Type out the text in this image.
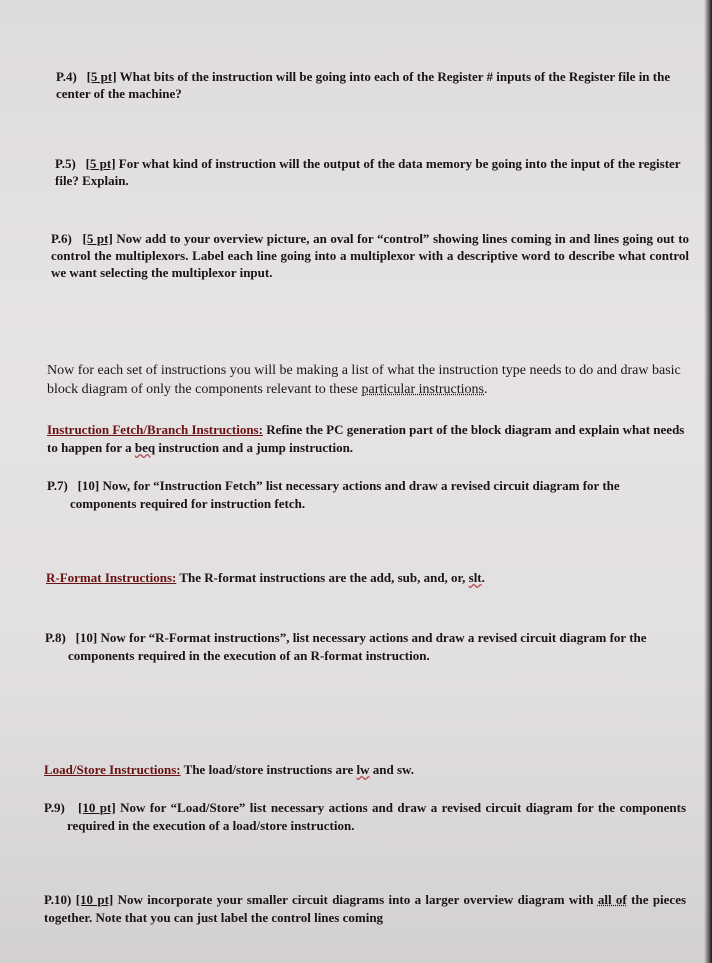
P.4) [5 pt] What bits of the instruction will be going into each of the Register # inputs of the Register file in the center of the machine?

P.5) [5 pt] For what kind of instruction will the output of the data memory be going into the input of the register file? Explain.

P.6) [5 pt] Now add to your overview picture, an oval for “control” showing lines coming in and lines going out to control the multiplexors. Label each line going into a multiplexor with a descriptive word to describe what control we want selecting the multiplexor input.

Now for each set of instructions you will be making a list of what the instruction type needs to do and draw basic block diagram of only the components relevant to these particular instructions.

Instruction Fetch/Branch Instructions: Refine the PC generation part of the block diagram and explain what needs to happen for a beq instruction and a jump instruction.

P.7) [10] Now, for “Instruction Fetch” list necessary actions and draw a revised circuit diagram for the components required for instruction fetch.

R-Format Instructions: The R-format instructions are the add, sub, and, or, slt.

P.8) [10] Now for “R-Format instructions”, list necessary actions and draw a revised circuit diagram for the components required in the execution of an R-format instruction.

Load/Store Instructions: The load/store instructions are lw and sw.

P.9) [10 pt] Now for “Load/Store” list necessary actions and draw a revised circuit diagram for the components required in the execution of a load/store instruction.

P.10) [10 pt] Now incorporate your smaller circuit diagrams into a larger overview diagram with all of the pieces together. Note that you can just label the control lines coming
